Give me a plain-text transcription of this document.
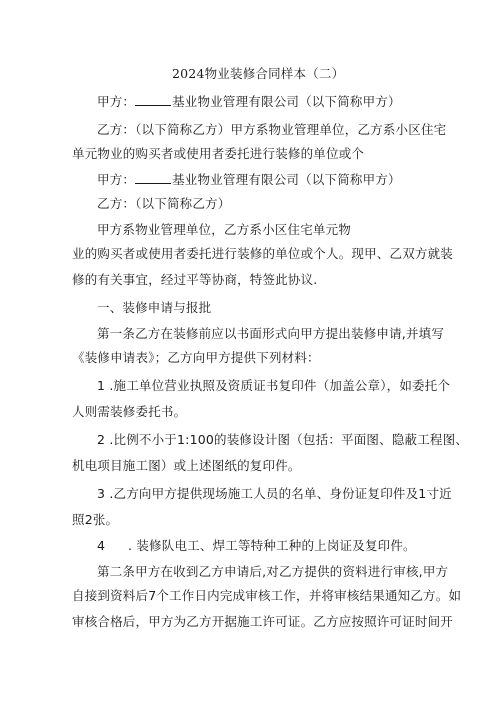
2024物业装修合同样本（二）
甲方：	基业物业管理有限公司（以下简称甲方）
乙方：（以下简称乙方）甲方系物业管理单位，乙方系小区住宅
单元物业的购买者或使用者委托进行装修的单位或个
甲方：	基业物业管理有限公司（以下简称甲方）
乙方：（以下简称乙方）
甲方系物业管理单位，乙方系小区住宅单元物
业的购买者或使用者委托进行装修的单位或个人。现甲、乙双方就装
修的有关事宜，经过平等协商，特签此协议.
一、装修申请与报批
第一条乙方在装修前应以书面形式向甲方提出装修申请,并填写
《装修申请表》；乙方向甲方提供下列材料：
1 .施工单位营业执照及资质证书复印件（加盖公章），如委托个
人则需装修委托书。
2 .比例不小于1:100的装修设计图（包括：平面图、隐蔽工程图、
机电项目施工图）或上述图纸的复印件。
3 .乙方向甲方提供现场施工人员的名单、身份证复印件及1寸近
照2张。
4 . 装修队电工、焊工等特种工种的上岗证及复印件。
第二条甲方在收到乙方申请后,对乙方提供的资料进行审核,甲方
自接到资料后7个工作日内完成审核工作，并将审核结果通知乙方。如
审核合格后，甲方为乙方开据施工许可证。乙方应按照许可证时间开
